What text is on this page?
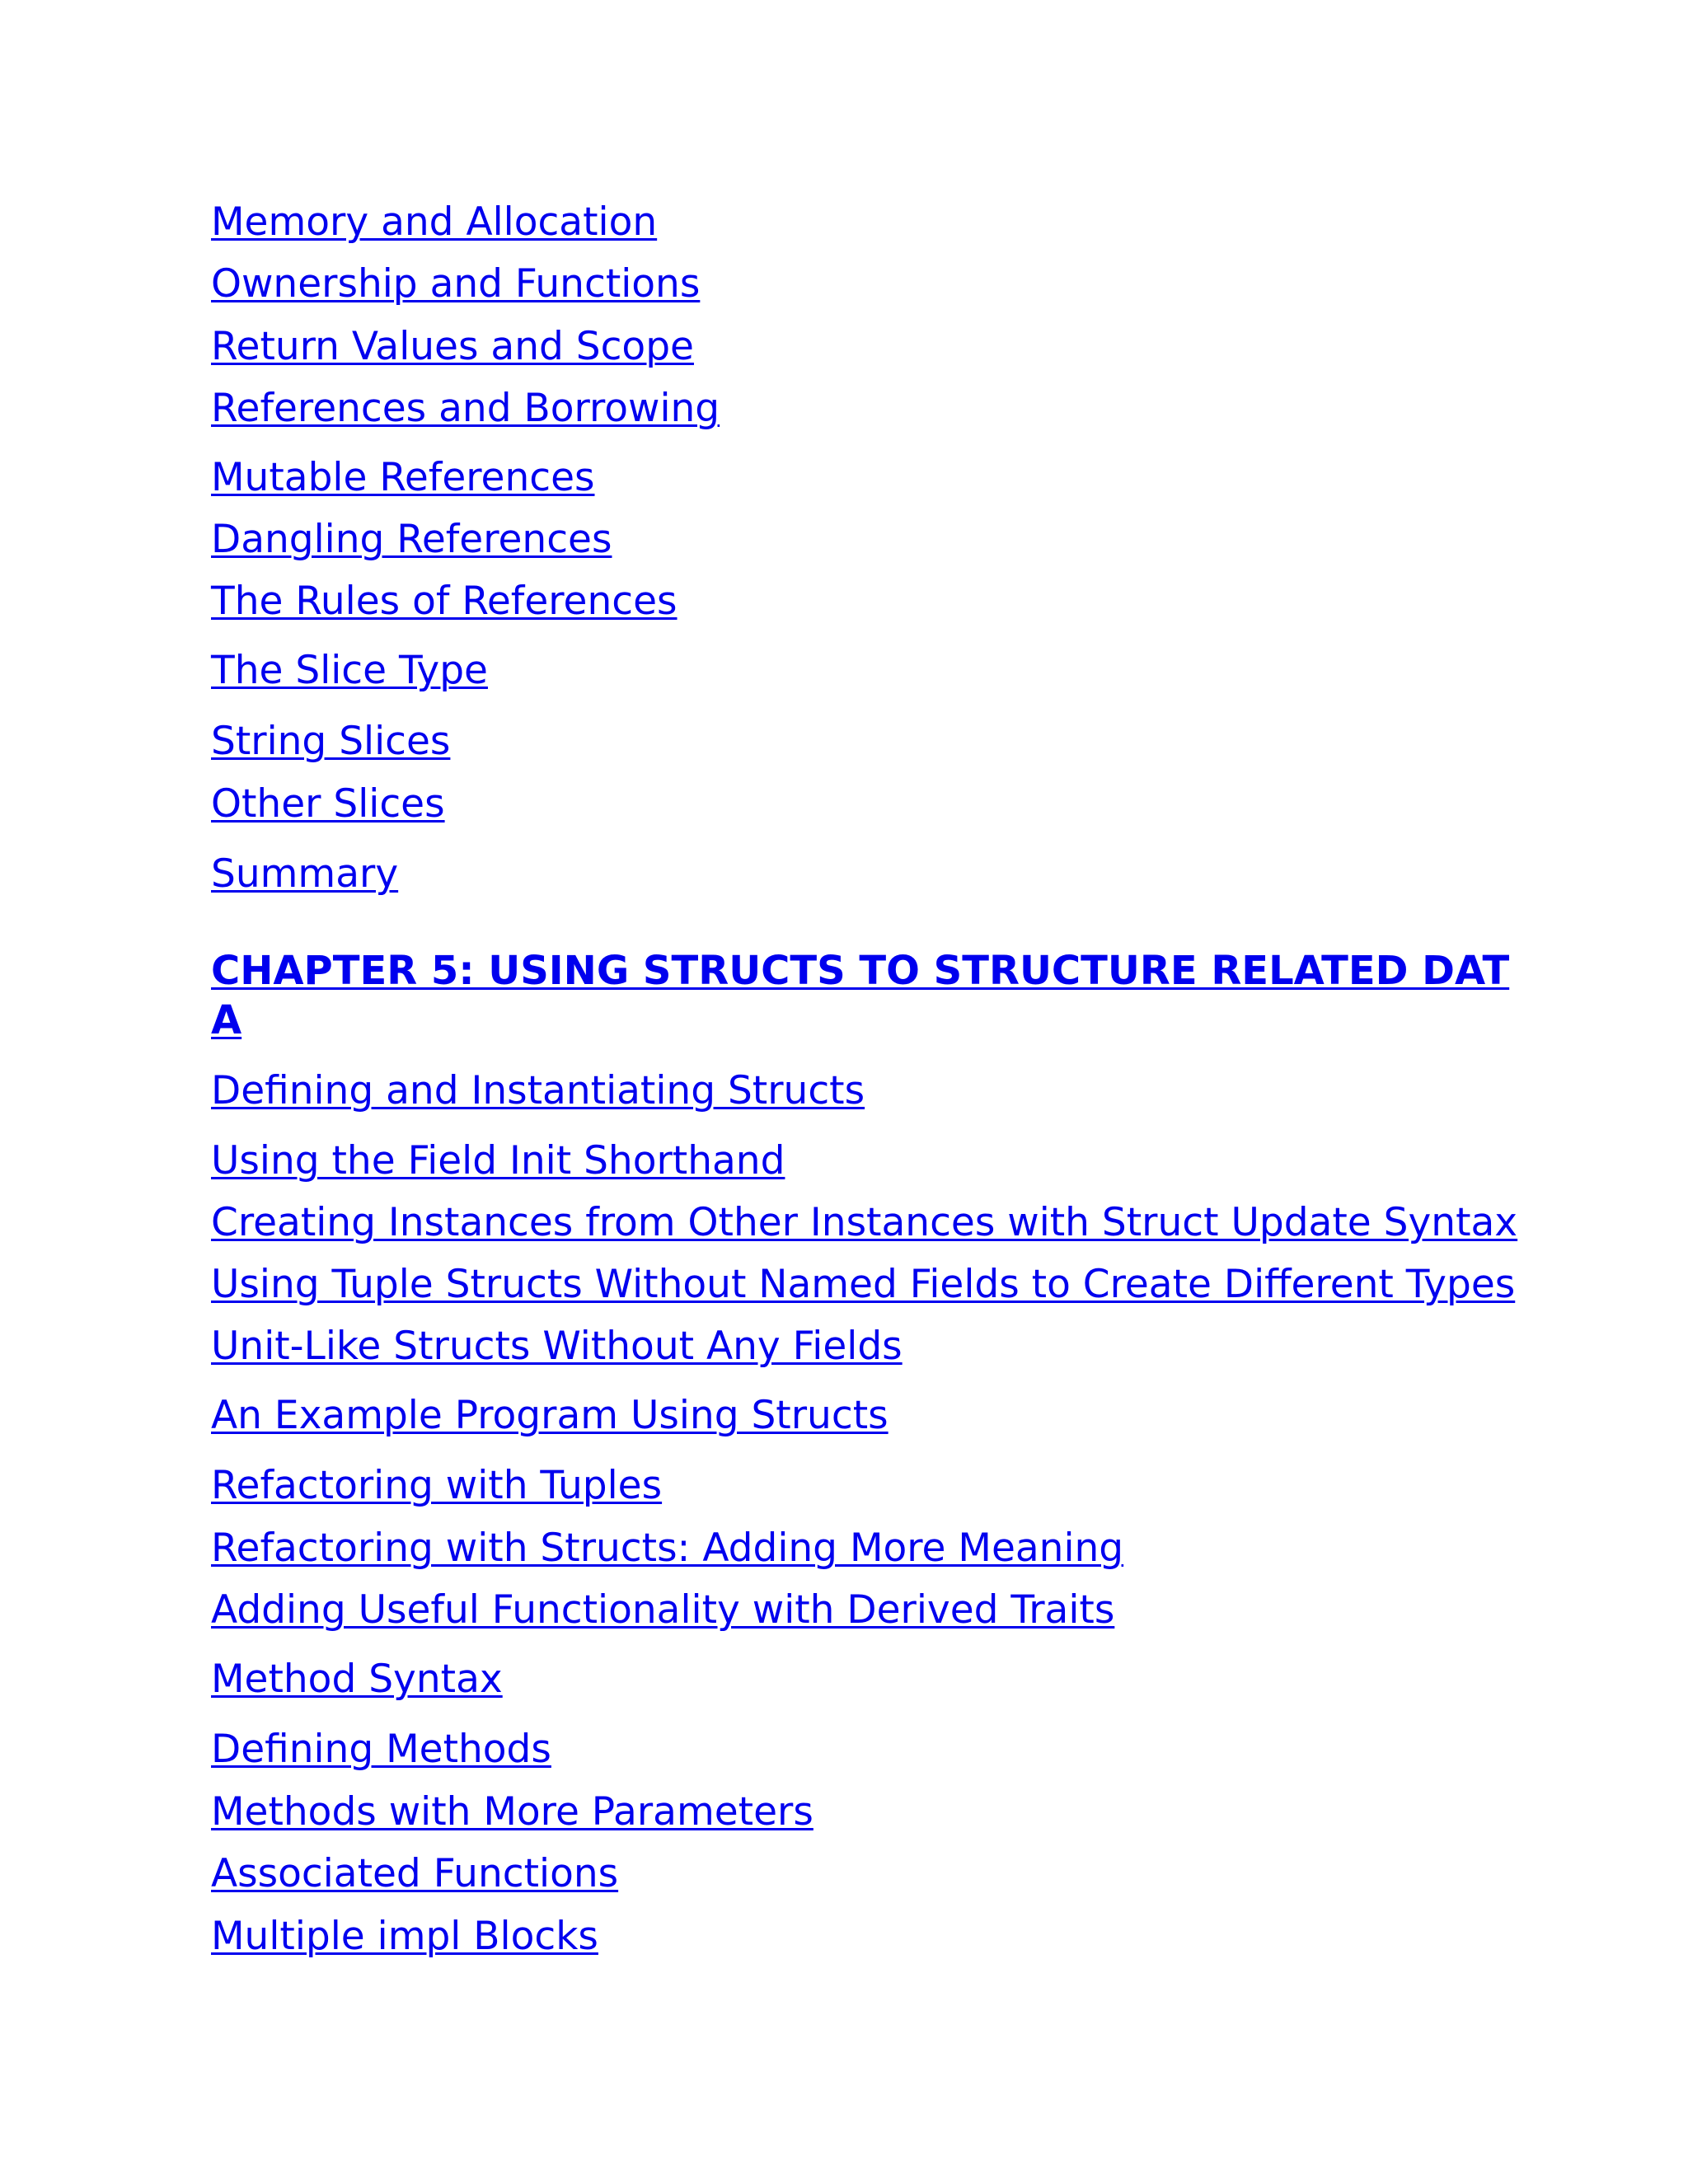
Memory and Allocation
Ownership and Functions
Return Values and Scope
References and Borrowing
Mutable References
Dangling References
The Rules of References
The Slice Type
String Slices
Other Slices
Summary
CHAPTER 5: USING STRUCTS TO STRUCTURE RELATED DAT
A
Defining and Instantiating Structs
Using the Field Init Shorthand
Creating Instances from Other Instances with Struct Update Syntax
Using Tuple Structs Without Named Fields to Create Different Types
Unit-Like Structs Without Any Fields
An Example Program Using Structs
Refactoring with Tuples
Refactoring with Structs: Adding More Meaning
Adding Useful Functionality with Derived Traits
Method Syntax
Defining Methods
Methods with More Parameters
Associated Functions
Multiple impl Blocks
